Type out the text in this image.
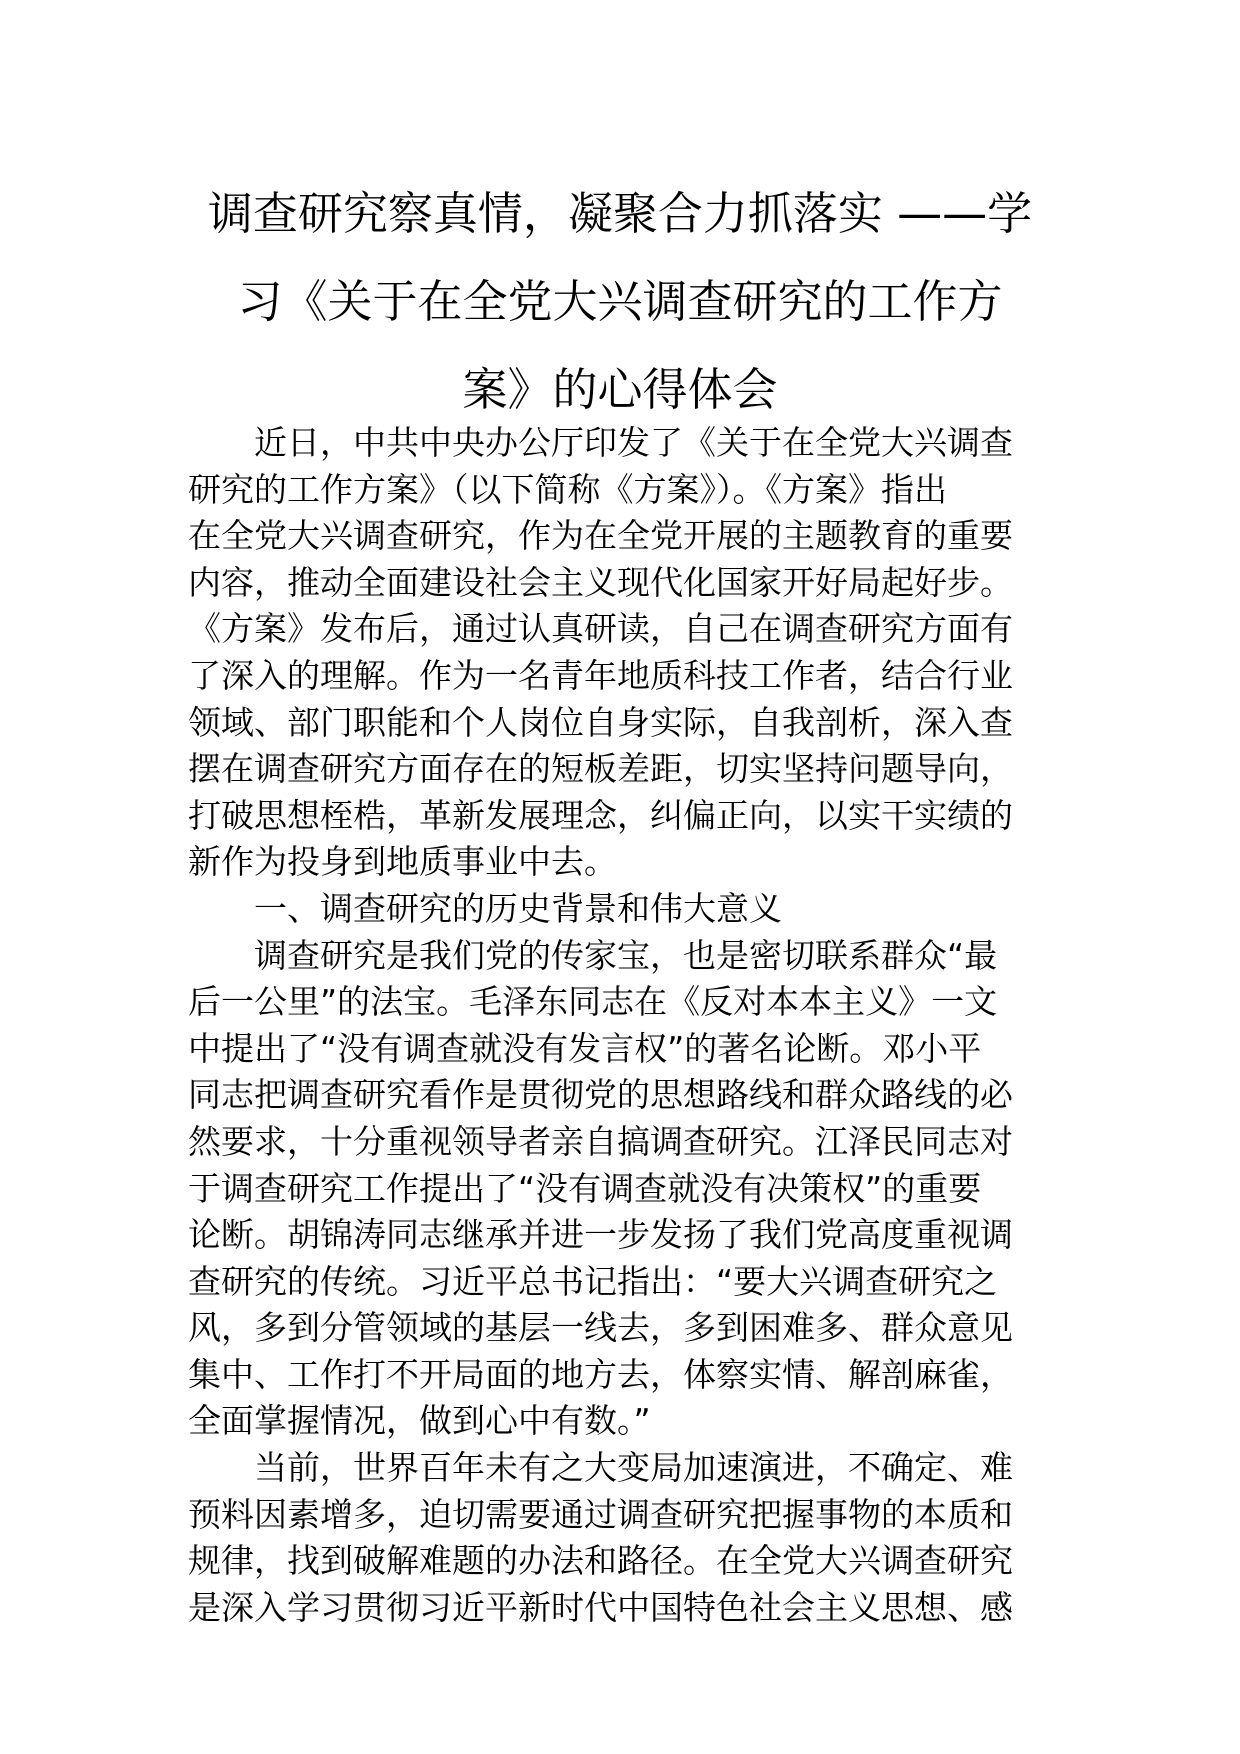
调查研究察真情，凝聚合力抓落实 ——学
习《关于在全党大兴调查研究的工作方
案》的心得体会
近日，中共中央办公厅印发了《关于在全党大兴调查
研究的工作方案》（以下简称《方案》）。《方案》指出
在全党大兴调查研究，作为在全党开展的主题教育的重要
内容，推动全面建设社会主义现代化国家开好局起好步。
《方案》发布后，通过认真研读，自己在调查研究方面有
了深入的理解。作为一名青年地质科技工作者，结合行业
领域、部门职能和个人岗位自身实际，自我剖析，深入查
摆在调查研究方面存在的短板差距，切实坚持问题导向，
打破思想桎梏，革新发展理念，纠偏正向，以实干实绩的
新作为投身到地质事业中去。
一、调查研究的历史背景和伟大意义
调查研究是我们党的传家宝，也是密切联系群众“最
后一公里”的法宝。毛泽东同志在《反对本本主义》一文
中提出了“没有调查就没有发言权”的著名论断。邓小平
同志把调查研究看作是贯彻党的思想路线和群众路线的必
然要求，十分重视领导者亲自搞调查研究。江泽民同志对
于调查研究工作提出了“没有调查就没有决策权”的重要
论断。胡锦涛同志继承并进一步发扬了我们党高度重视调
查研究的传统。习近平总书记指出：“要大兴调查研究之
风，多到分管领域的基层一线去，多到困难多、群众意见
集中、工作打不开局面的地方去，体察实情、解剖麻雀，
全面掌握情况，做到心中有数。”
当前，世界百年未有之大变局加速演进，不确定、难
预料因素增多，迫切需要通过调查研究把握事物的本质和
规律，找到破解难题的办法和路径。在全党大兴调查研究
是深入学习贯彻习近平新时代中国特色社会主义思想、感
